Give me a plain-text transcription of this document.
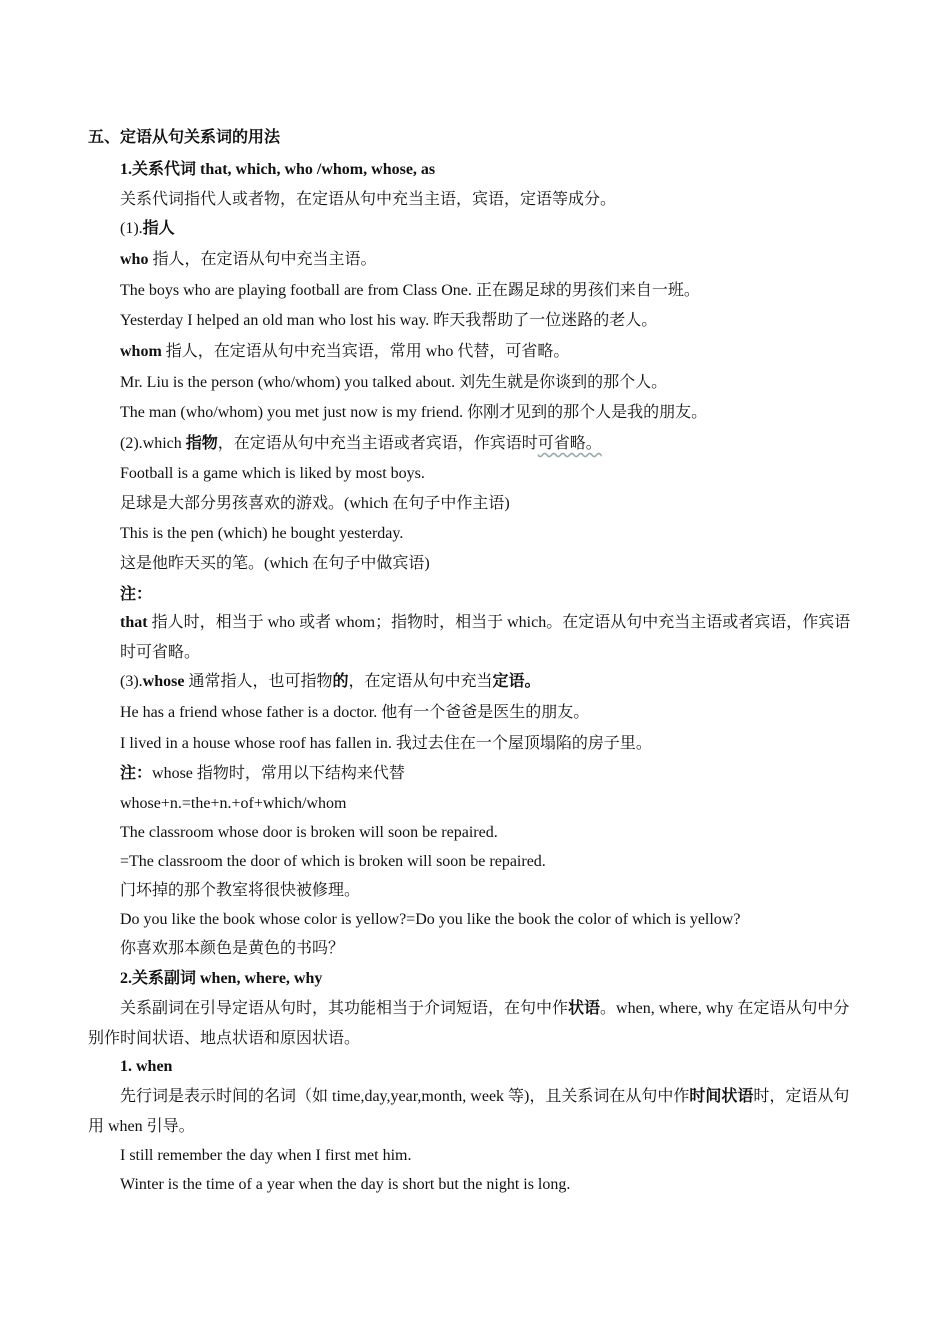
五、定语从句关系词的用法
1.关系代词 that, which, who /whom, whose, as
关系代词指代人或者物，在定语从句中充当主语，宾语，定语等成分。
(1).指人
who 指人，在定语从句中充当主语。
The boys who are playing football are from Class One. 正在踢足球的男孩们来自一班。
Yesterday I helped an old man who lost his way. 昨天我帮助了一位迷路的老人。
whom 指人，在定语从句中充当宾语，常用 who 代替，可省略。
Mr. Liu is the person (who/whom) you talked about. 刘先生就是你谈到的那个人。
The man (who/whom) you met just now is my friend. 你刚才见到的那个人是我的朋友。
(2).which 指物，在定语从句中充当主语或者宾语，作宾语时可省略。
Football is a game which is liked by most boys.
足球是大部分男孩喜欢的游戏。(which 在句子中作主语)
This is the pen (which) he bought yesterday.
这是他昨天买的笔。(which 在句子中做宾语)
注：
that 指人时，相当于 who 或者 whom；指物时，相当于 which。在定语从句中充当主语或者宾语，作宾语时可省略。
(3).whose 通常指人，也可指物的，在定语从句中充当定语。
He has a friend whose father is a doctor. 他有一个爸爸是医生的朋友。
I lived in a house whose roof has fallen in. 我过去住在一个屋顶塌陷的房子里。
注：whose 指物时，常用以下结构来代替
whose+n.=the+n.+of+which/whom
The classroom whose door is broken will soon be repaired.
=The classroom the door of which is broken will soon be repaired.
门坏掉的那个教室将很快被修理。
Do you like the book whose color is yellow?=Do you like the book the color of which is yellow?
你喜欢那本颜色是黄色的书吗？
2.关系副词 when, where, why
关系副词在引导定语从句时，其功能相当于介词短语，在句中作状语。when, where, why 在定语从句中分别作时间状语、地点状语和原因状语。
1. when
先行词是表示时间的名词（如 time,day,year,month, week 等)，且关系词在从句中作时间状语时，定语从句用 when 引导。
I still remember the day when I first met him.
Winter is the time of a year when the day is short but the night is long.
